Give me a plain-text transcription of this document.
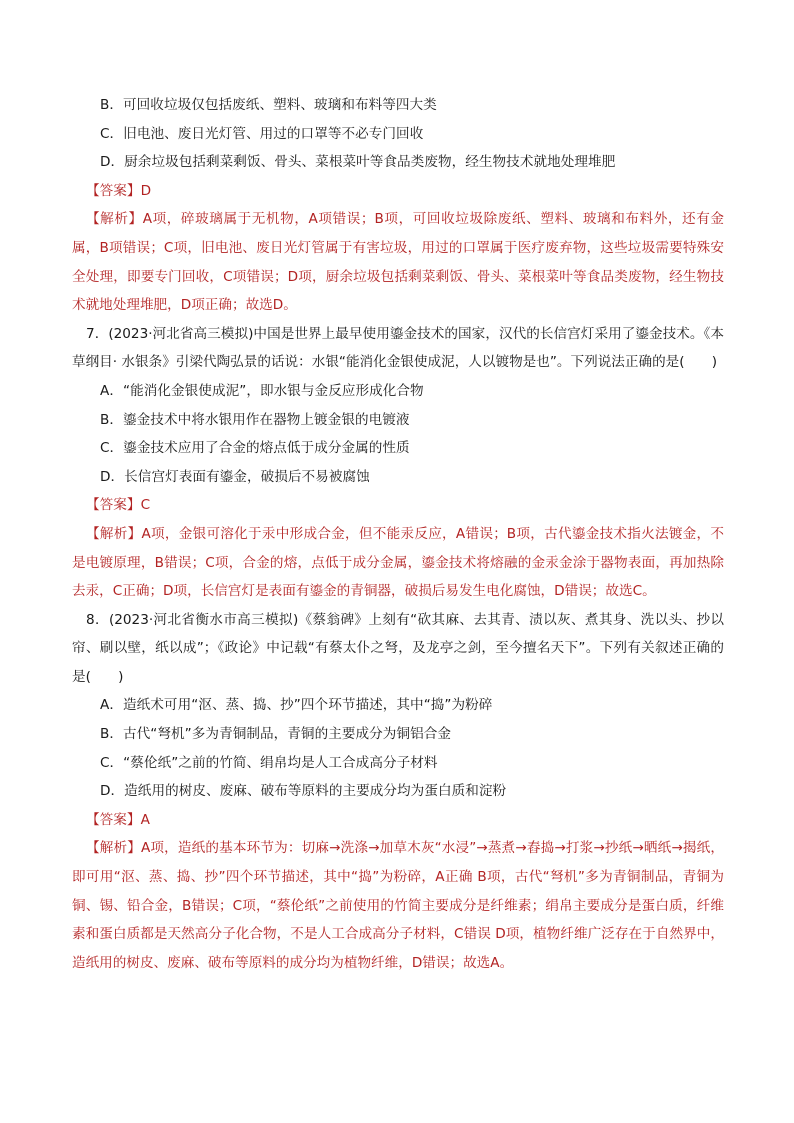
B．可回收垃圾仅包括废纸、塑料、玻璃和布料等四大类
C．旧电池、废日光灯管、用过的口罩等不必专门回收
D．厨余垃圾包括剩菜剩饭、骨头、菜根菜叶等食品类废物，经生物技术就地处理堆肥
【答案】D
【解析】A项，碎玻璃属于无机物，A项错误；B项，可回收垃圾除废纸、塑料、玻璃和布料外，还有金属，B项错误；C项，旧电池、废日光灯管属于有害垃圾，用过的口罩属于医疗废弃物，这些垃圾需要特殊安全处理，即要专门回收，C项错误；D项，厨余垃圾包括剩菜剩饭、骨头、菜根菜叶等食品类废物，经生物技术就地处理堆肥，D项正确；故选D。
7．(2023·河北省高三模拟)中国是世界上最早使用鎏金技术的国家，汉代的长信宫灯采用了鎏金技术。《本草纲目· 水银条》引梁代陶弘景的话说：水银“能消化金银使成泥，人以镀物是也”。下列说法正确的是(　　)
A．“能消化金银使成泥”，即水银与金反应形成化合物
B．鎏金技术中将水银用作在器物上镀金银的电镀液
C．鎏金技术应用了合金的熔点低于成分金属的性质
D．长信宫灯表面有鎏金，破损后不易被腐蚀
【答案】C
【解析】A项，金银可溶化于汞中形成合金，但不能汞反应，A错误；B项，古代鎏金技术指火法镀金，不是电镀原理，B错误；C项，合金的熔，点低于成分金属，鎏金技术将熔融的金汞金涂于器物表面，再加热除去汞，C正确；D项，长信宫灯是表面有鎏金的青铜器，破损后易发生电化腐蚀，D错误；故选C。
8．(2023·河北省衡水市高三模拟)《蔡翁碑》上刻有“砍其麻、去其青、渍以灰、煮其身、洗以头、抄以帘、刷以壁，纸以成”；《政论》中记载“有蔡太仆之弩，及龙亭之剑，至今擅名天下”。下列有关叙述正确的是(　　)
A．造纸术可用“沤、蒸、捣、抄”四个环节描述，其中“捣”为粉碎
B．古代“弩机”多为青铜制品，青铜的主要成分为铜铝合金
C．“蔡伦纸”之前的竹简、绢帛均是人工合成高分子材料
D．造纸用的树皮、废麻、破布等原料的主要成分均为蛋白质和淀粉
【答案】A
【解析】A项，造纸的基本环节为：切麻→洗涤→加草木灰“水浸”→蒸煮→舂捣→打浆→抄纸→晒纸→揭纸，即可用“沤、蒸、捣、抄”四个环节描述，其中“捣”为粉碎，A正确 B项，古代“弩机”多为青铜制品，青铜为铜、锡、铅合金，B错误；C项，“蔡伦纸”之前使用的竹简主要成分是纤维素；绢帛主要成分是蛋白质，纤维素和蛋白质都是天然高分子化合物，不是人工合成高分子材料，C错误 D项，植物纤维广泛存在于自然界中，造纸用的树皮、废麻、破布等原料的成分均为植物纤维，D错误；故选A。
